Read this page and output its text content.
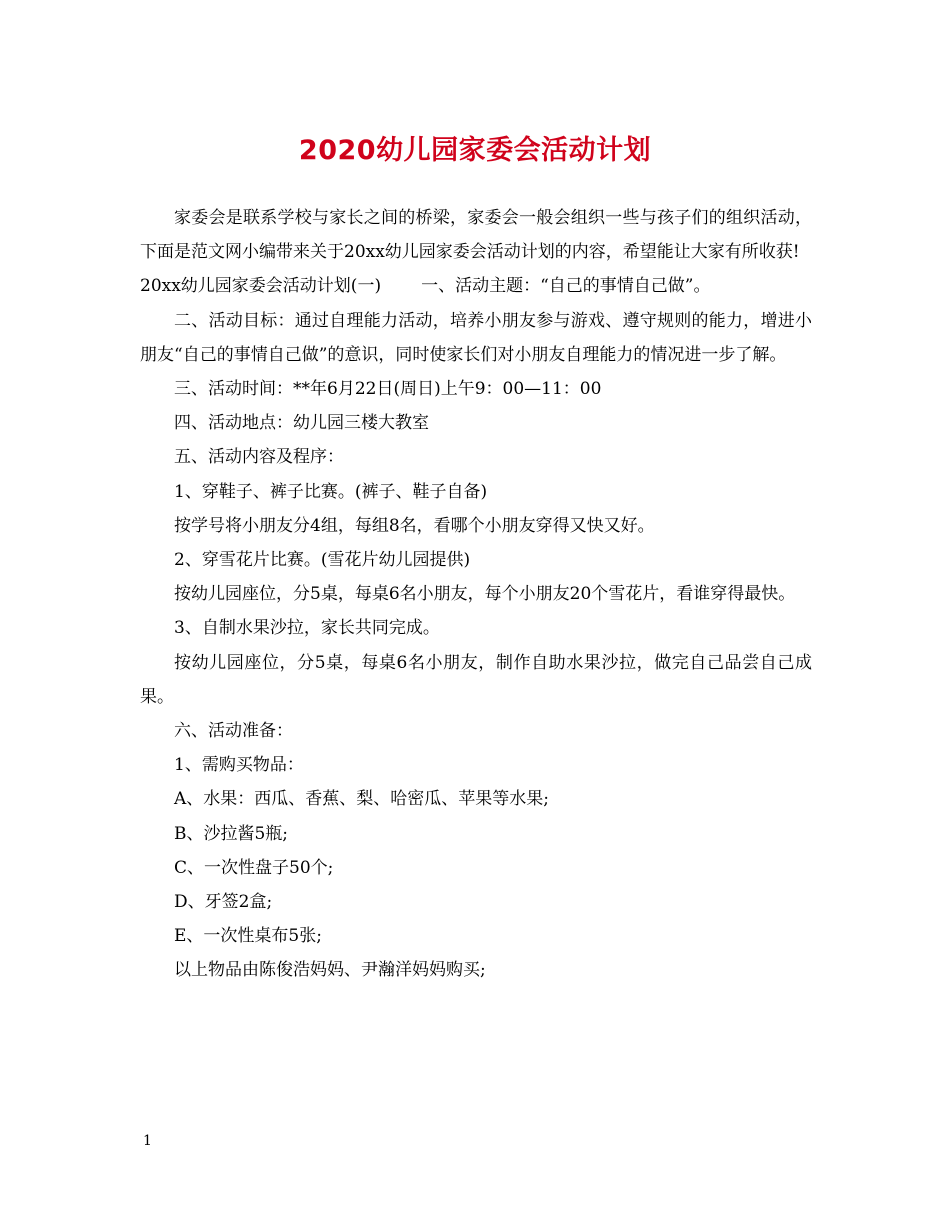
2020幼儿园家委会活动计划

家委会是联系学校与家长之间的桥梁，家委会一般会组织一些与孩子们的组织活动，下面是范文网小编带来关于20xx幼儿园家委会活动计划的内容，希望能让大家有所收获!

20xx幼儿园家委会活动计划(一) 一、活动主题：“自己的事情自己做”。

二、活动目标：通过自理能力活动，培养小朋友参与游戏、遵守规则的能力，增进小朋友“自己的事情自己做”的意识，同时使家长们对小朋友自理能力的情况进一步了解。

三、活动时间：**年6月22日(周日)上午9：00—11：00

四、活动地点：幼儿园三楼大教室

五、活动内容及程序：

1、穿鞋子、裤子比赛。(裤子、鞋子自备)

按学号将小朋友分4组，每组8名，看哪个小朋友穿得又快又好。

2、穿雪花片比赛。(雪花片幼儿园提供)

按幼儿园座位，分5桌，每桌6名小朋友，每个小朋友20个雪花片，看谁穿得最快。

3、自制水果沙拉，家长共同完成。

按幼儿园座位，分5桌，每桌6名小朋友，制作自助水果沙拉，做完自己品尝自己成果。

六、活动准备：

1、需购买物品：

A、水果：西瓜、香蕉、梨、哈密瓜、苹果等水果;

B、沙拉酱5瓶;

C、一次性盘子50个;

D、牙签2盒;

E、一次性桌布5张;

以上物品由陈俊浩妈妈、尹瀚洋妈妈购买;

1
